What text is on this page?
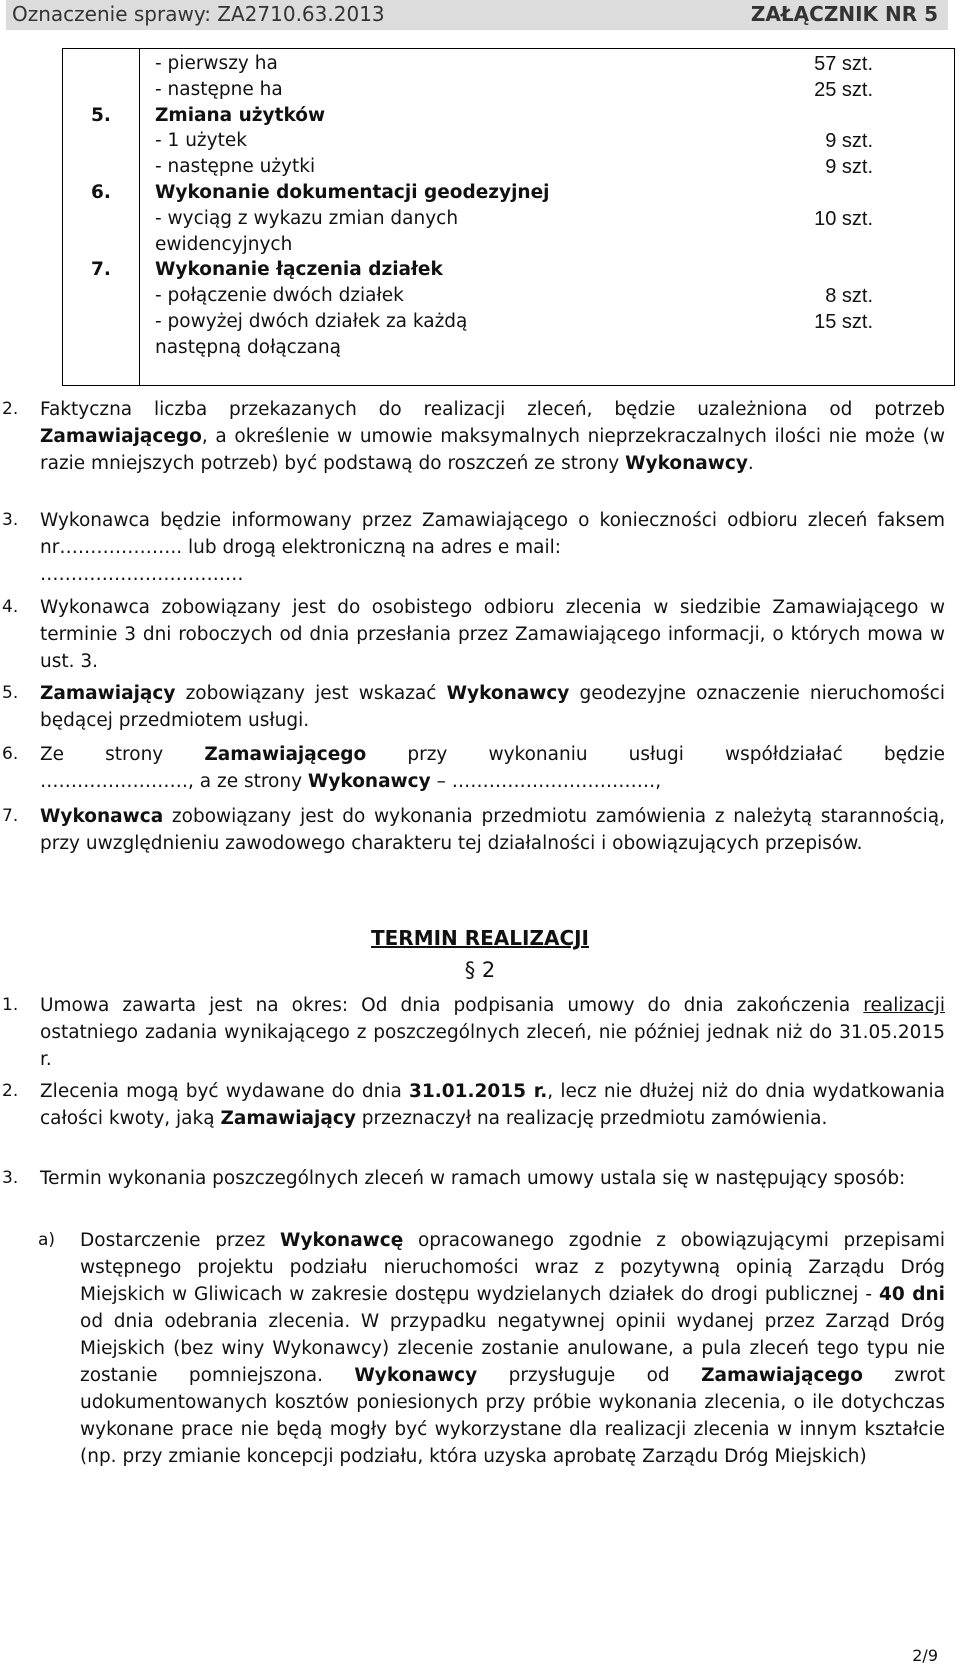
Oznaczenie sprawy: ZA2710.63.2013	ZAŁĄCZNIK NR 5
- pierwszy ha	57 szt.
- następne ha	25 szt.
5. Zmiana użytków
- 1 użytek	9 szt.
- następne użytki	9 szt.
6. Wykonanie dokumentacji geodezyjnej
- wyciąg z wykazu zmian danych	10 szt.
ewidencyjnych
7. Wykonanie łączenia działek
- połączenie dwóch działek	8 szt.
- powyżej dwóch działek za każdą	15 szt.
następną dołączaną
2. Faktyczna liczba przekazanych do realizacji zleceń, będzie uzależniona od potrzeb Zamawiającego, a określenie w umowie maksymalnych nieprzekraczalnych ilości nie może (w razie mniejszych potrzeb) być podstawą do roszczeń ze strony Wykonawcy.
3. Wykonawca będzie informowany przez Zamawiającego o konieczności odbioru zleceń faksem nr……………….. lub drogą elektroniczną na adres e mail:
……………………………
4. Wykonawca zobowiązany jest do osobistego odbioru zlecenia w siedzibie Zamawiającego w terminie 3 dni roboczych od dnia przesłania przez Zamawiającego informacji, o których mowa w ust. 3.
5. Zamawiający zobowiązany jest wskazać Wykonawcy geodezyjne oznaczenie nieruchomości będącej przedmiotem usługi.
6. Ze strony Zamawiającego przy wykonaniu usługi współdziałać będzie
……………………, a ze strony Wykonawcy – ……………………………,
7. Wykonawca zobowiązany jest do wykonania przedmiotu zamówienia z należytą starannością, przy uwzględnieniu zawodowego charakteru tej działalności i obowiązujących przepisów.
TERMIN REALIZACJI
§ 2
1. Umowa zawarta jest na okres: Od dnia podpisania umowy do dnia zakończenia realizacji ostatniego zadania wynikającego z poszczególnych zleceń, nie później jednak niż do 31.05.2015 r.
2. Zlecenia mogą być wydawane do dnia 31.01.2015 r., lecz nie dłużej niż do dnia wydatkowania całości kwoty, jaką Zamawiający przeznaczył na realizację przedmiotu zamówienia.
3. Termin wykonania poszczególnych zleceń w ramach umowy ustala się w następujący sposób:
a) Dostarczenie przez Wykonawcę opracowanego zgodnie z obowiązującymi przepisami wstępnego projektu podziału nieruchomości wraz z pozytywną opinią Zarządu Dróg Miejskich w Gliwicach w zakresie dostępu wydzielanych działek do drogi publicznej - 40 dni od dnia odebrania zlecenia. W przypadku negatywnej opinii wydanej przez Zarząd Dróg Miejskich (bez winy Wykonawcy) zlecenie zostanie anulowane, a pula zleceń tego typu nie zostanie pomniejszona. Wykonawcy przysługuje od Zamawiającego zwrot udokumentowanych kosztów poniesionych przy próbie wykonania zlecenia, o ile dotychczas wykonane prace nie będą mogły być wykorzystane dla realizacji zlecenia w innym kształcie (np. przy zmianie koncepcji podziału, która uzyska aprobatę Zarządu Dróg Miejskich)
2/9
